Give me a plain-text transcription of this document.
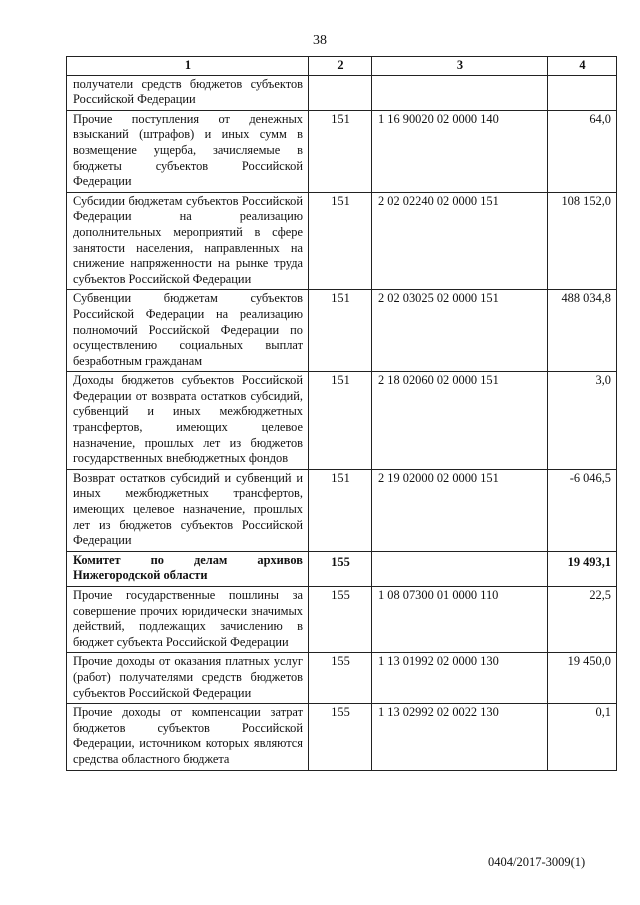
38
1	2	3	4
получатели средств бюджетов субъектов Российской Федерации			
Прочие поступления от денежных взысканий (штрафов) и иных сумм в возмещение ущерба, зачисляемые в бюджеты субъектов Российской Федерации	151	1 16 90020 02 0000 140	64,0
Субсидии бюджетам субъектов Российской Федерации на реализацию дополнительных мероприятий в сфере занятости населения, направленных на снижение напряженности на рынке труда субъектов Российской Федерации	151	2 02 02240 02 0000 151	108 152,0
Субвенции бюджетам субъектов Российской Федерации на реализацию полномочий Российской Федерации по осуществлению социальных выплат безработным гражданам	151	2 02 03025 02 0000 151	488 034,8
Доходы бюджетов субъектов Российской Федерации от возврата остатков субсидий, субвенций и иных межбюджетных трансфертов, имеющих целевое назначение, прошлых лет из бюджетов государственных внебюджетных фондов	151	2 18 02060 02 0000 151	3,0
Возврат остатков субсидий и субвенций и иных межбюджетных трансфертов, имеющих целевое назначение, прошлых лет из бюджетов субъектов Российской Федерации	151	2 19 02000 02 0000 151	-6 046,5
Комитет по делам архивов Нижегородской области	155		19 493,1
Прочие государственные пошлины за совершение прочих юридически значимых действий, подлежащих зачислению в бюджет субъекта Российской Федерации	155	1 08 07300 01 0000 110	22,5
Прочие доходы от оказания платных услуг (работ) получателями средств бюджетов субъектов Российской Федерации	155	1 13 01992 02 0000 130	19 450,0
Прочие доходы от компенсации затрат бюджетов субъектов Российской Федерации, источником которых являются средства областного бюджета	155	1 13 02992 02 0022 130	0,1
0404/2017-3009(1)
